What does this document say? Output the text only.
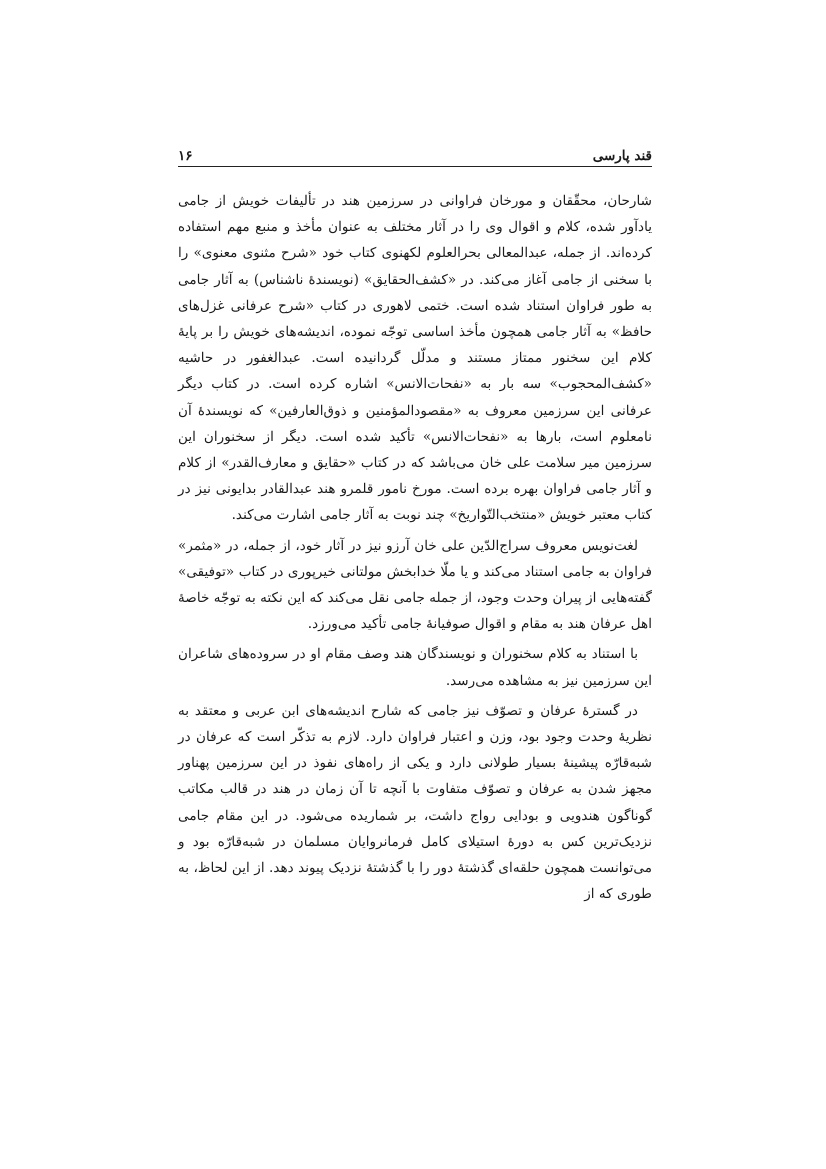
قند پارسی
۱۶

شارحان، محقّقان و مورخان فراوانی در سرزمین هند در تألیفات خویش از جامی یادآور شده، کلام و اقوال وی را در آثار مختلف به عنوان مأخذ و منبع مهم استفاده کرده‌اند. از جمله، عبدالمعالی بحرالعلوم لکهنوی کتاب خود «شرح مثنوی معنوی» را با سخنی از جامی آغاز می‌کند. در «کشف‌الحقایق» (نویسندهٔ ناشناس) به آثار جامی به طور فراوان استناد شده است. ختمی لاهوری در کتاب «شرح عرفانی غزل‌های حافظ» به آثار جامی همچون مأخذ اساسی توجّه نموده، اندیشه‌های خویش را بر پایهٔ کلام این سخنور ممتاز مستند و مدلّل گردانیده است. عبدالغفور در حاشیه «کشف‌المحجوب» سه بار به «نفحات‌الانس» اشاره کرده است. در کتاب دیگر عرفانی این سرزمین معروف به «مقصودالمؤمنین و ذوق‌العارفین» که نویسندهٔ آن نامعلوم است، بارها به «نفحات‌الانس» تأکید شده است. دیگر از سخنوران این سرزمین میر سلامت علی خان می‌باشد که در کتاب «حقایق و معارف‌القدر» از کلام و آثار جامی فراوان بهره برده است. مورخ نامور قلمرو هند عبدالقادر بدایونی نیز در کتاب معتبر خویش «منتخب‌التّواریخ» چند نوبت به آثار جامی اشارت می‌کند.

لغت‌نویس معروف سراج‌الدّین علی خان آرزو نیز در آثار خود، از جمله، در «مثمر» فراوان به جامی استناد می‌کند و یا ملّا خدابخش مولتانی خیرپوری در کتاب «توفیقی» گفته‌هایی از پیران وحدت وجود، از جمله جامی نقل می‌کند که این نکته به توجّه خاصهٔ اهل عرفان هند به مقام و اقوال صوفیانهٔ جامی تأکید می‌ورزد.

با استناد به کلام سخنوران و نویسندگان هند وصف مقام او در سروده‌های شاعران این سرزمین نیز به مشاهده می‌رسد.

در گسترهٔ عرفان و تصوّف نیز جامی که شارح اندیشه‌های ابن عربی و معتقد به نظریهٔ وحدت وجود بود، وزن و اعتبار فراوان دارد. لازم به تذکّر است که عرفان در شبه‌قارّه پیشینهٔ بسیار طولانی دارد و یکی از راه‌های نفوذ در این سرزمین پهناور مجهز شدن به عرفان و تصوّف متفاوت با آنچه تا آن زمان در هند در قالب مکاتب گوناگون هندویی و بودایی رواج داشت، بر شماریده می‌شود. در این مقام جامی نزدیک‌ترین کس به دورهٔ استیلای کامل فرمانروایان مسلمان در شبه‌قارّه بود و می‌توانست همچون حلقه‌ای گذشتهٔ دور را با گذشتهٔ نزدیک پیوند دهد. از این لحاظ، به طوری که از
